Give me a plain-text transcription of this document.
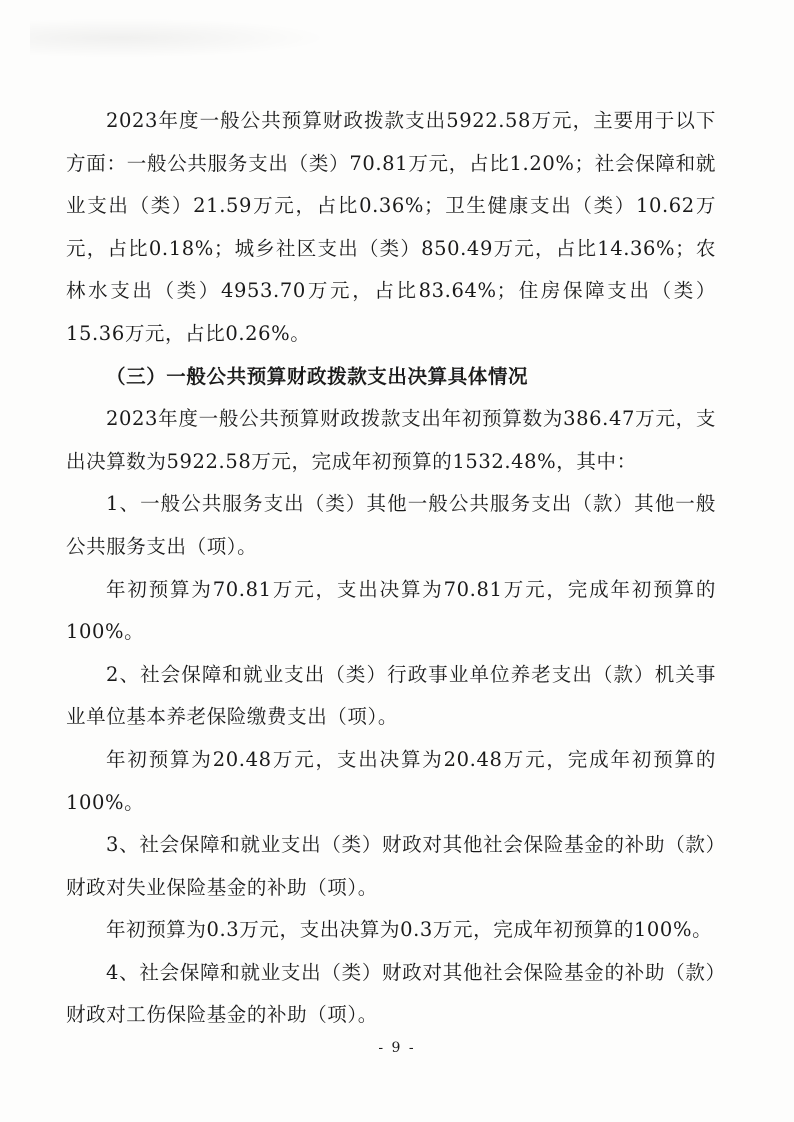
2023年度一般公共预算财政拨款支出5922.58万元，主要用于以下方面：一般公共服务支出（类）70.81万元，占比1.20%；社会保障和就业支出（类）21.59万元，占比0.36%；卫生健康支出（类）10.62万元，占比0.18%；城乡社区支出（类）850.49万元，占比14.36%；农林水支出（类）4953.70万元，占比83.64%；住房保障支出（类）15.36万元，占比0.26%。

（三）一般公共预算财政拨款支出决算具体情况

2023年度一般公共预算财政拨款支出年初预算数为386.47万元，支出决算数为5922.58万元，完成年初预算的1532.48%，其中：

1、一般公共服务支出（类）其他一般公共服务支出（款）其他一般公共服务支出（项）。

年初预算为70.81万元，支出决算为70.81万元，完成年初预算的100%。

2、社会保障和就业支出（类）行政事业单位养老支出（款）机关事业单位基本养老保险缴费支出（项）。

年初预算为20.48万元，支出决算为20.48万元，完成年初预算的100%。

3、社会保障和就业支出（类）财政对其他社会保险基金的补助（款）财政对失业保险基金的补助（项）。

年初预算为0.3万元，支出决算为0.3万元，完成年初预算的100%。

4、社会保障和就业支出（类）财政对其他社会保险基金的补助（款）财政对工伤保险基金的补助（项）。

- 9 -
